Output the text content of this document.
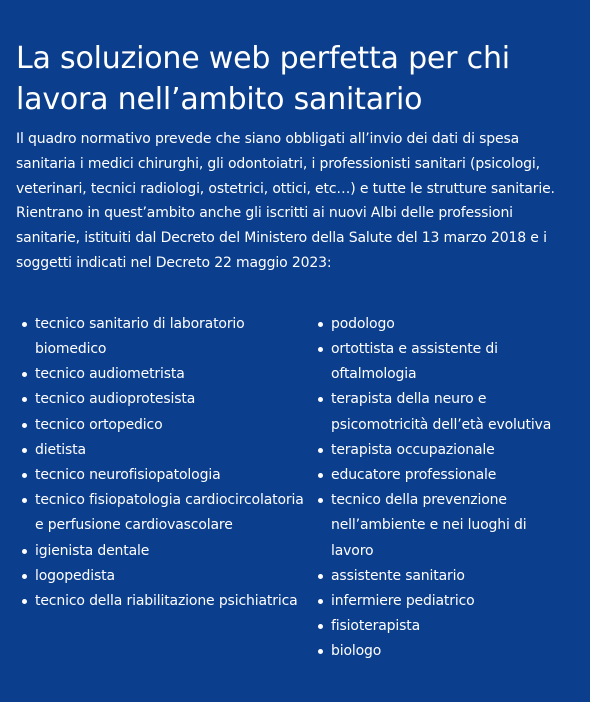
La soluzione web perfetta per chi lavora nell’ambito sanitario

Il quadro normativo prevede che siano obbligati all’invio dei dati di spesa sanitaria i medici chirurghi, gli odontoiatri, i professionisti sanitari (psicologi, veterinari, tecnici radiologi, ostetrici, ottici, etc…) e tutte le strutture sanitarie. Rientrano in quest’ambito anche gli iscritti ai nuovi Albi delle professioni sanitarie, istituiti dal Decreto del Ministero della Salute del 13 marzo 2018 e i soggetti indicati nel Decreto 22 maggio 2023:

tecnico sanitario di laboratorio biomedico
tecnico audiometrista
tecnico audioprotesista
tecnico ortopedico
dietista
tecnico neurofisiopatologia
tecnico fisiopatologia cardiocircolatoria e perfusione cardiovascolare
igienista dentale
logopedista
tecnico della riabilitazione psichiatrica
podologo
ortottista e assistente di oftalmologia
terapista della neuro e psicomotricità dell’età evolutiva
terapista occupazionale
educatore professionale
tecnico della prevenzione nell’ambiente e nei luoghi di lavoro
assistente sanitario
infermiere pediatrico
fisioterapista
biologo
